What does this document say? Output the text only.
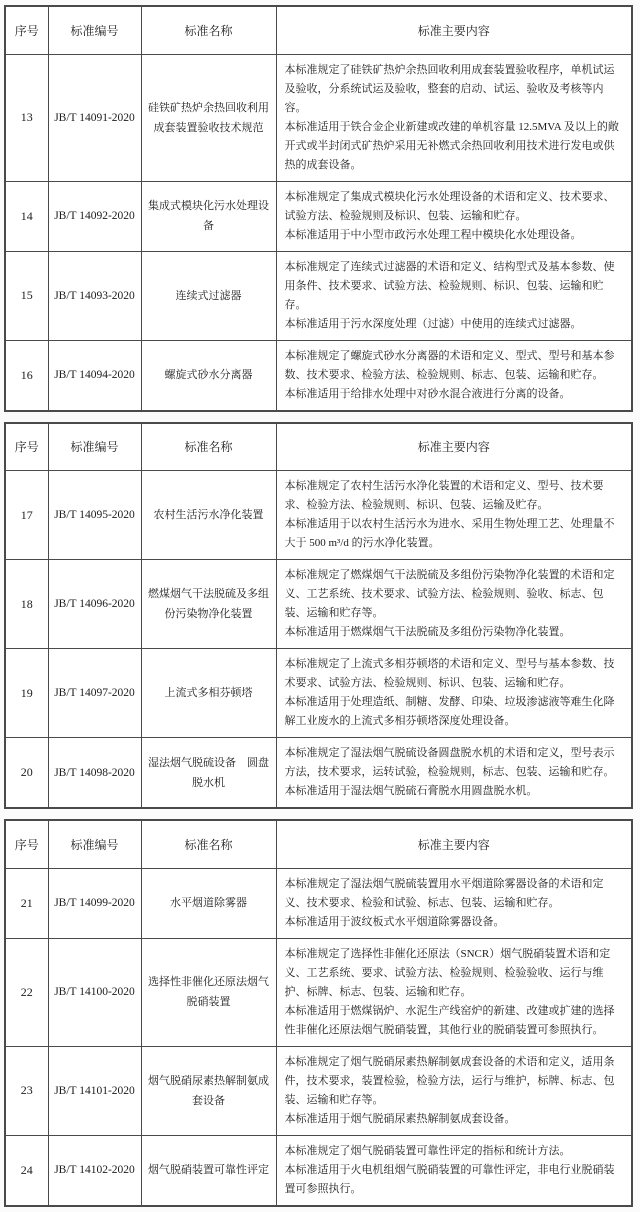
序号	标准编号	标准名称	标准主要内容
13	JB/T 14091-2020	硅铁矿热炉余热回收利用成套装置验收技术规范	本标准规定了硅铁矿热炉余热回收利用成套装置验收程序，单机试运及验收，分系统试运及验收，整套的启动、试运、验收及考核等内容。
本标准适用于铁合金企业新建或改建的单机容量 12.5MVA 及以上的敞开式或半封闭式矿热炉采用无补燃式余热回收利用技术进行发电或供热的成套设备。

14	JB/T 14092-2020	集成式模块化污水处理设备	本标准规定了集成式模块化污水处理设备的术语和定义、技术要求、试验方法、检验规则及标识、包装、运输和贮存。
本标准适用于中小型市政污水处理工程中模块化水处理设备。

15	JB/T 14093-2020	连续式过滤器	本标准规定了连续式过滤器的术语和定义、结构型式及基本参数、使用条件、技术要求、试验方法、检验规则、标识、包装、运输和贮存。
本标准适用于污水深度处理（过滤）中使用的连续式过滤器。

16	JB/T 14094-2020	螺旋式砂水分离器	本标准规定了螺旋式砂水分离器的术语和定义、型式、型号和基本参数、技术要求、检验方法、检验规则、标志、包装、运输和贮存。
本标准适用于给排水处理中对砂水混合液进行分离的设备。
序号	标准编号	标准名称	标准主要内容
17	JB/T 14095-2020	农村生活污水净化装置	本标准规定了农村生活污水净化装置的术语和定义、型号、技术要求、检验方法、检验规则、标识、包装、运输及贮存。
本标准适用于以农村生活污水为进水、采用生物处理工艺、处理量不大于 500 m³/d 的污水净化装置。

18	JB/T 14096-2020	燃煤烟气干法脱硫及多组份污染物净化装置	本标准规定了燃煤烟气干法脱硫及多组份污染物净化装置的术语和定义、工艺系统、技术要求、试验方法、检验规则、验收、标志、包装、运输和贮存等。
本标准适用于燃煤烟气干法脱硫及多组份污染物净化装置。

19	JB/T 14097-2020	上流式多相芬顿塔	本标准规定了上流式多相芬顿塔的术语和定义、型号与基本参数、技术要求、试验方法、检验规则、标识、包装、运输和贮存。
本标准适用于处理造纸、制糖、发酵、印染、垃圾渗滤液等难生化降解工业废水的上流式多相芬顿塔深度处理设备。

20	JB/T 14098-2020	湿法烟气脱硫设备　圆盘脱水机	本标准规定了湿法烟气脱硫设备圆盘脱水机的术语和定义，型号表示方法，技术要求，运转试验，检验规则，标志、包装、运输和贮存。
本标准适用于湿法烟气脱硫石膏脱水用圆盘脱水机。
序号	标准编号	标准名称	标准主要内容
21	JB/T 14099-2020	水平烟道除雾器	本标准规定了湿法烟气脱硫装置用水平烟道除雾器设备的术语和定义、技术要求、检验和试验、标志、包装、运输和贮存。
本标准适用于波纹板式水平烟道除雾器设备。

22	JB/T 14100-2020	选择性非催化还原法烟气脱硝装置	本标准规定了选择性非催化还原法（SNCR）烟气脱硝装置术语和定义、工艺系统、要求、试验方法、检验规则、检验验收、运行与维护、标牌、标志、包装、运输和贮存。
本标准适用于燃煤锅炉、水泥生产线窑炉的新建、改建或扩建的选择性非催化还原法烟气脱硝装置，其他行业的脱硝装置可参照执行。

23	JB/T 14101-2020	烟气脱硝尿素热解制氨成套设备	本标准规定了烟气脱硝尿素热解制氨成套设备的术语和定义，适用条件，技术要求，装置检验，检验方法，运行与维护，标牌、标志、包装、运输和贮存等。
本标准适用于烟气脱硝尿素热解制氨成套设备。

24	JB/T 14102-2020	烟气脱硝装置可靠性评定	本标准规定了烟气脱硝装置可靠性评定的指标和统计方法。
本标准适用于火电机组烟气脱硝装置的可靠性评定，非电行业脱硝装置可参照执行。
